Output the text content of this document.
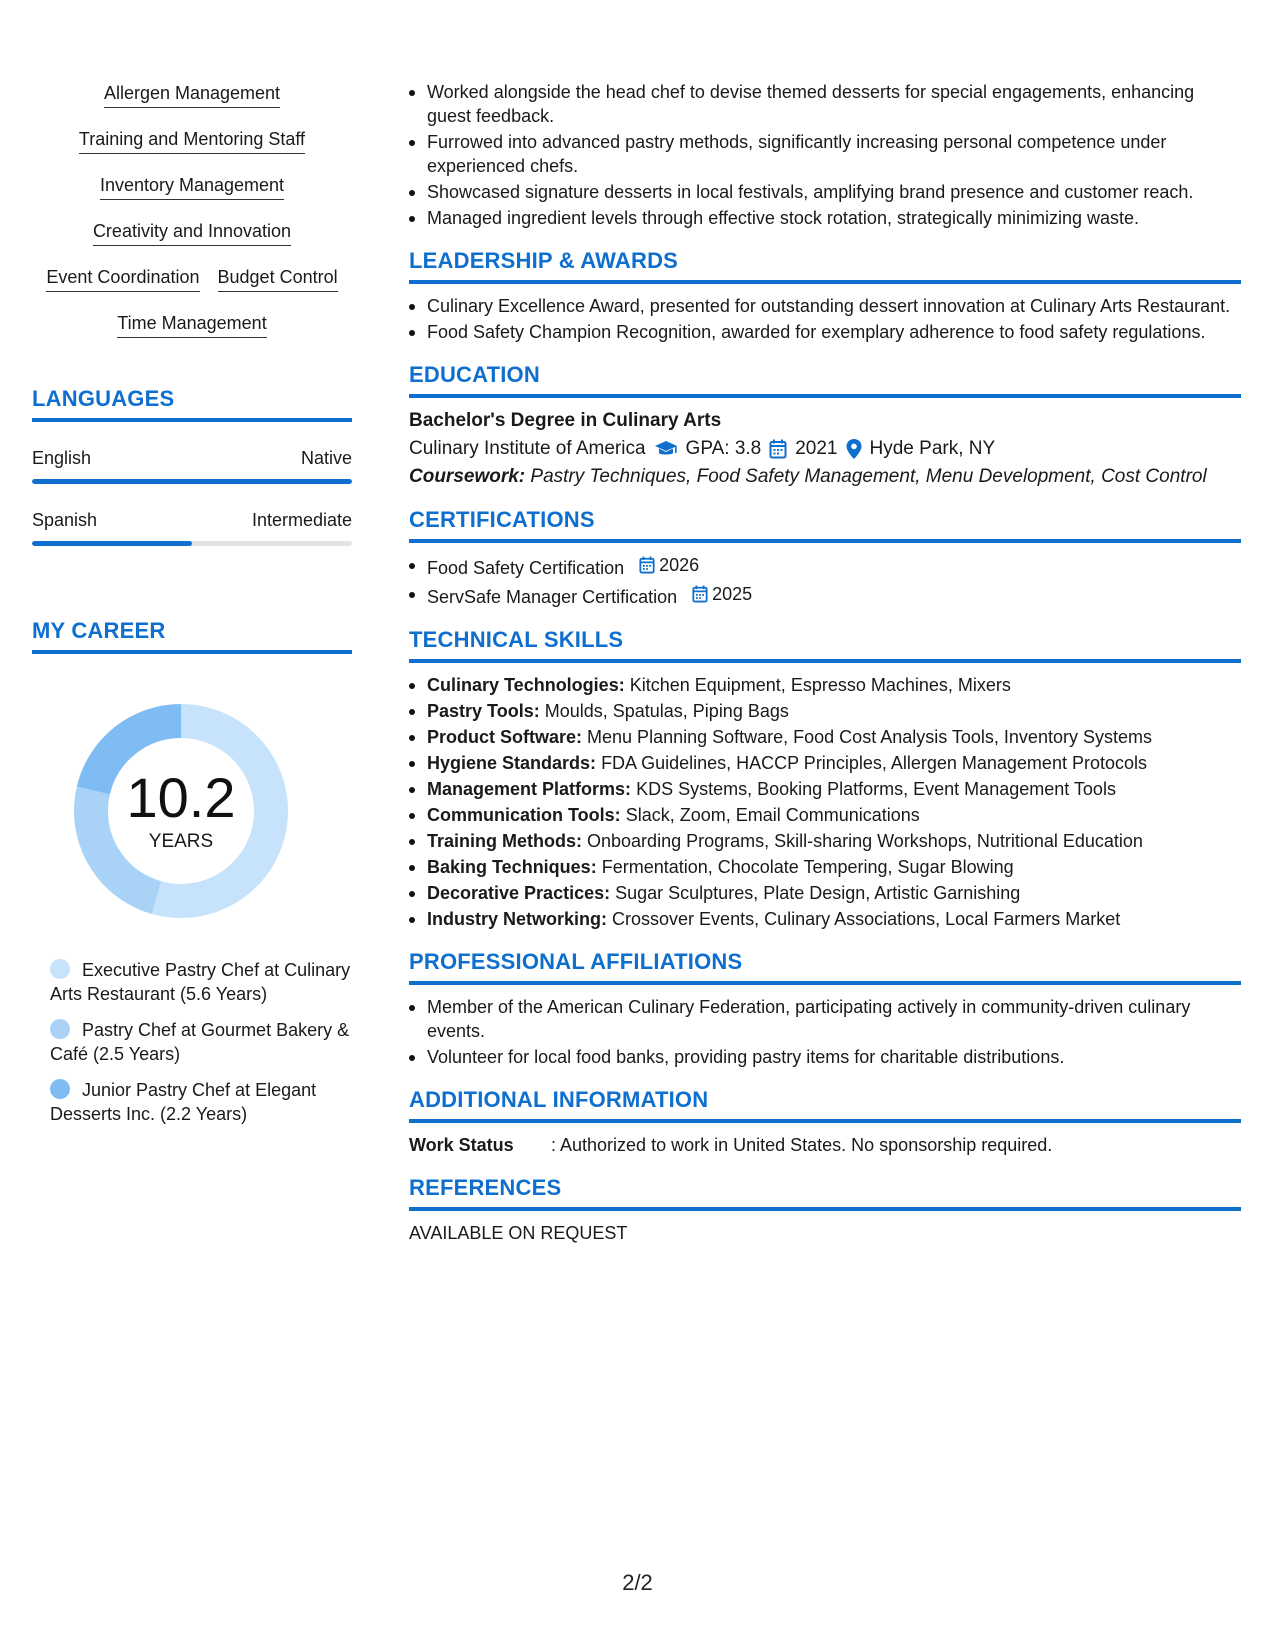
Allergen Management
Training and Mentoring Staff
Inventory Management
Creativity and Innovation
Event Coordination Budget Control
Time Management
LANGUAGES
English	Native
Spanish	Intermediate
MY CAREER
10.2
YEARS
Executive Pastry Chef at Culinary Arts Restaurant (5.6 Years)
Pastry Chef at Gourmet Bakery & Café (2.5 Years)
Junior Pastry Chef at Elegant Desserts Inc. (2.2 Years)
Worked alongside the head chef to devise themed desserts for special engagements, enhancing guest feedback.
Furrowed into advanced pastry methods, significantly increasing personal competence under experienced chefs.
Showcased signature desserts in local festivals, amplifying brand presence and customer reach.
Managed ingredient levels through effective stock rotation, strategically minimizing waste.
LEADERSHIP & AWARDS
Culinary Excellence Award, presented for outstanding dessert innovation at Culinary Arts Restaurant.
Food Safety Champion Recognition, awarded for exemplary adherence to food safety regulations.
EDUCATION
Bachelor's Degree in Culinary Arts
Culinary Institute of America GPA: 3.8 2021 Hyde Park, NY
Coursework: Pastry Techniques, Food Safety Management, Menu Development, Cost Control
CERTIFICATIONS
Food Safety Certification 2026
ServSafe Manager Certification 2025
TECHNICAL SKILLS
Culinary Technologies: Kitchen Equipment, Espresso Machines, Mixers
Pastry Tools: Moulds, Spatulas, Piping Bags
Product Software: Menu Planning Software, Food Cost Analysis Tools, Inventory Systems
Hygiene Standards: FDA Guidelines, HACCP Principles, Allergen Management Protocols
Management Platforms: KDS Systems, Booking Platforms, Event Management Tools
Communication Tools: Slack, Zoom, Email Communications
Training Methods: Onboarding Programs, Skill-sharing Workshops, Nutritional Education
Baking Techniques: Fermentation, Chocolate Tempering, Sugar Blowing
Decorative Practices: Sugar Sculptures, Plate Design, Artistic Garnishing
Industry Networking: Crossover Events, Culinary Associations, Local Farmers Market
PROFESSIONAL AFFILIATIONS
Member of the American Culinary Federation, participating actively in community-driven culinary events.
Volunteer for local food banks, providing pastry items for charitable distributions.
ADDITIONAL INFORMATION
Work Status	: Authorized to work in United States. No sponsorship required.
REFERENCES
AVAILABLE ON REQUEST
2/2
